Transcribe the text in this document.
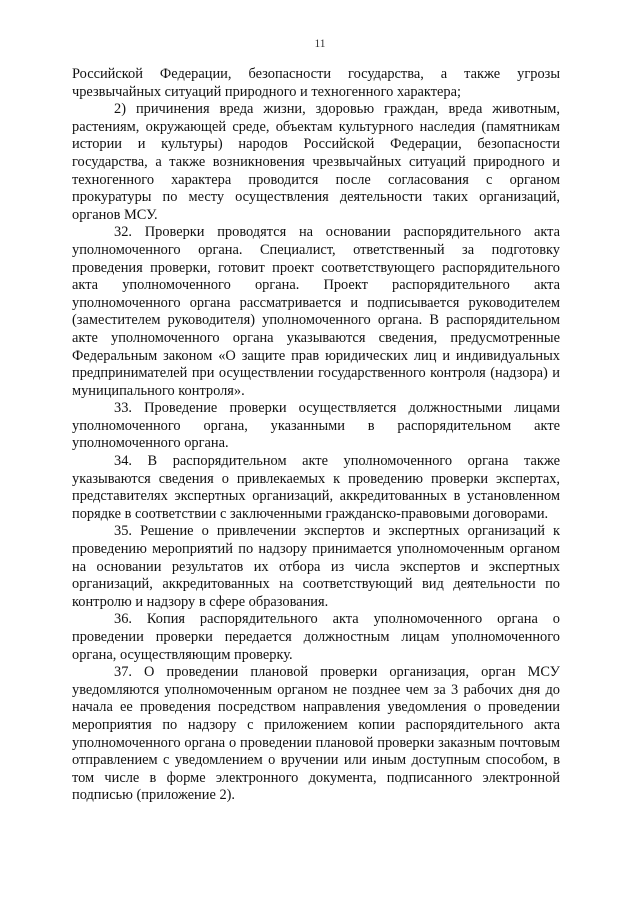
11

Российской Федерации, безопасности государства, а также угрозы чрезвычайных ситуаций природного и техногенного характера;

2) причинения вреда жизни, здоровью граждан, вреда животным, растениям, окружающей среде, объектам культурного наследия (памятникам истории и культуры) народов Российской Федерации, безопасности государства, а также возникновения чрезвычайных ситуаций природного и техногенного характера проводится после согласования с органом прокуратуры по месту осуществления деятельности таких организаций, органов МСУ.

32. Проверки проводятся на основании распорядительного акта уполномоченного органа. Специалист, ответственный за подготовку проведения проверки, готовит проект соответствующего распорядительного акта уполномоченного органа. Проект распорядительного акта уполномоченного органа рассматривается и подписывается руководителем (заместителем руководителя) уполномоченного органа. В распорядительном акте уполномоченного органа указываются сведения, предусмотренные Федеральным законом «О защите прав юридических лиц и индивидуальных предпринимателей при осуществлении государственного контроля (надзора) и муниципального контроля».

33. Проведение проверки осуществляется должностными лицами уполномоченного органа, указанными в распорядительном акте уполномоченного органа.

34. В распорядительном акте уполномоченного органа также указываются сведения о привлекаемых к проведению проверки экспертах, представителях экспертных организаций, аккредитованных в установленном порядке в соответствии с заключенными гражданско-правовыми договорами.

35. Решение о привлечении экспертов и экспертных организаций к проведению мероприятий по надзору принимается уполномоченным органом на основании результатов их отбора из числа экспертов и экспертных организаций, аккредитованных на соответствующий вид деятельности по контролю и надзору в сфере образования.

36. Копия распорядительного акта уполномоченного органа о проведении проверки передается должностным лицам уполномоченного органа, осуществляющим проверку.

37. О проведении плановой проверки организация, орган МСУ уведомляются уполномоченным органом не позднее чем за 3 рабочих дня до начала ее проведения посредством направления уведомления о проведении мероприятия по надзору с приложением копии распорядительного акта уполномоченного органа о проведении плановой проверки заказным почтовым отправлением с уведомлением о вручении или иным доступным способом, в том числе в форме электронного документа, подписанного электронной подписью (приложение 2).
